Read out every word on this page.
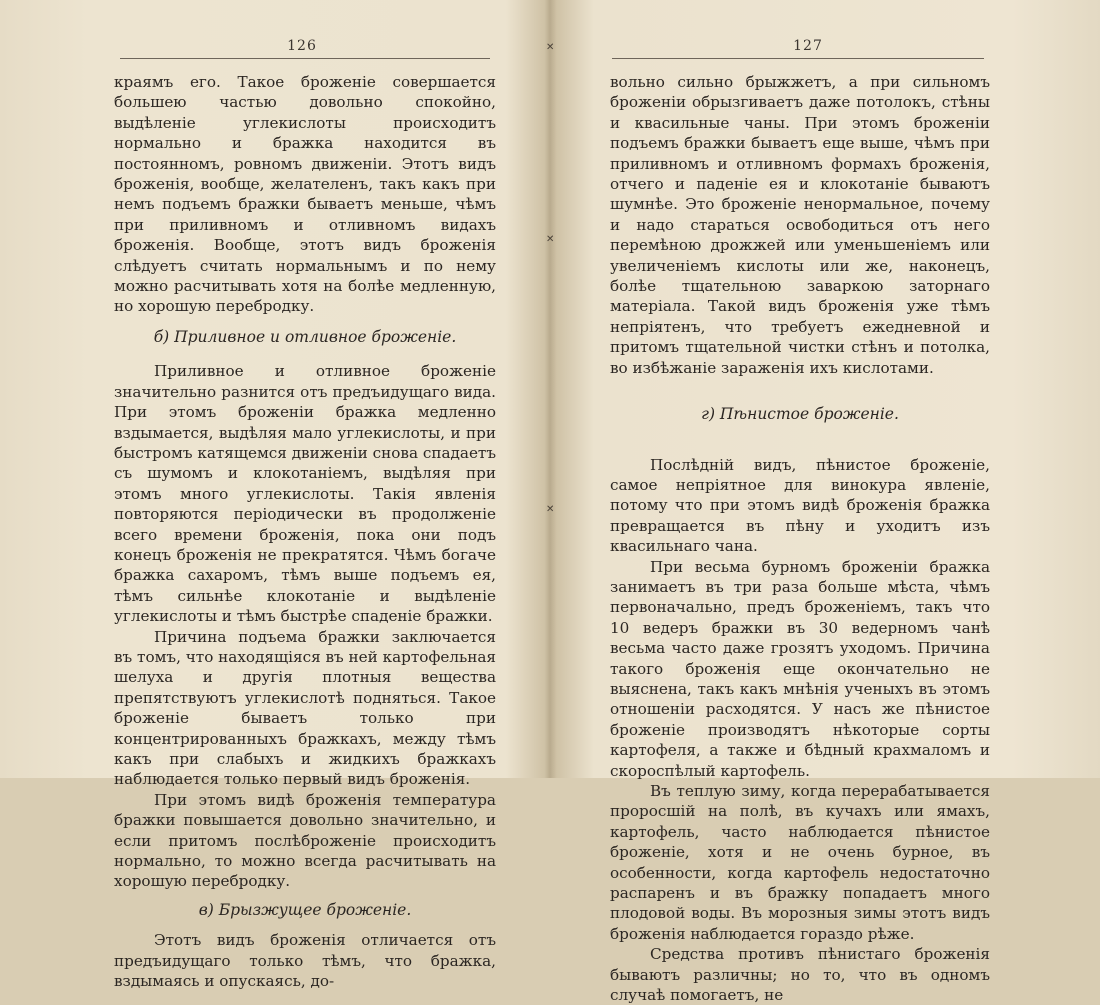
126

краямъ его. Такое броженіе совершается большею частью довольно спокойно, выдѣленіе углекислоты происходитъ нормально и бражка находится въ постоянномъ, ровномъ движеніи. Этотъ видъ броженія, вообще, желателенъ, такъ какъ при немъ подъемъ бражки бываетъ меньше, чѣмъ при приливномъ и отливномъ видахъ броженія. Вообще, этотъ видъ броженія слѣдуетъ считать нормальнымъ и по нему можно расчитывать хотя на болѣе медленную, но хорошую перебродку.

б) Приливное и отливное броженіе.

Приливное и отливное броженіе значительно разнится отъ предъидущаго вида. При этомъ броженіи бражка медленно вздымается, выдѣляя мало углекислоты, и при быстромъ катящемся движеніи снова спадаетъ съ шумомъ и клокотаніемъ, выдѣляя при этомъ много углекислоты. Такія явленія повторяются періодически въ продолженіе всего времени броженія, пока они подъ конецъ броженія не прекратятся. Чѣмъ богаче бражка сахаромъ, тѣмъ выше подъемъ ея, тѣмъ сильнѣе клокотаніе и выдѣленіе углекислоты и тѣмъ быстрѣе спаденіе бражки.

Причина подъема бражки заключается въ томъ, что находящіяся въ ней картофельная шелуха и другія плотныя вещества препятствуютъ углекислотѣ подняться. Такое броженіе бываетъ только при концентрированныхъ бражкахъ, между тѣмъ какъ при слабыхъ и жидкихъ бражкахъ наблюдается только первый видъ броженія.

При этомъ видѣ броженія температура бражки повышается довольно значительно, и если притомъ послѣброженіе происходитъ нормально, то можно всегда расчитывать на хорошую перебродку.

в) Брызжущее броженіе.

Этотъ видъ броженія отличается отъ предъидущаго только тѣмъ, что бражка, вздымаясь и опускаясь, до-

127

вольно сильно брыжжетъ, а при сильномъ броженіи обрызгиваетъ даже потолокъ, стѣны и квасильные чаны. При этомъ броженіи подъемъ бражки бываетъ еще выше, чѣмъ при приливномъ и отливномъ формахъ броженія, отчего и паденіе ея и клокотаніе бываютъ шумнѣе. Это броженіе ненормальное, почему и надо стараться освободиться отъ него перемѣною дрожжей или уменьшеніемъ или увеличеніемъ кислоты или же, наконецъ, болѣе тщательною заваркою заторнаго матеріала. Такой видъ броженія уже тѣмъ непріятенъ, что требуетъ ежедневной и притомъ тщательной чистки стѣнъ и потолка, во избѣжаніе зараженія ихъ кислотами.

г) Пѣнистое броженіе.

Послѣдній видъ, пѣнистое броженіе, самое непріятное для винокура явленіе, потому что при этомъ видѣ броженія бражка превращается въ пѣну и уходитъ изъ квасильнаго чана.

При весьма бурномъ броженіи бражка занимаетъ въ три раза больше мѣста, чѣмъ первоначально, предъ броженіемъ, такъ что 10 ведеръ бражки въ 30 ведерномъ чанѣ весьма часто даже грозятъ уходомъ. Причина такого броженія еще окончательно не выяснена, такъ какъ мнѣнія ученыхъ въ этомъ отношеніи расходятся. У насъ же пѣнистое броженіе производятъ нѣкоторые сорты картофеля, а также и бѣдный крахмаломъ и скороспѣлый картофель.

Въ теплую зиму, когда перерабатывается проросшій на полѣ, въ кучахъ или ямахъ, картофель, часто наблюдается пѣнистое броженіе, хотя и не очень бурное, въ особенности, когда картофель недостаточно распаренъ и въ бражку попадаетъ много плодовой воды. Въ морозныя зимы этотъ видъ броженія наблюдается гораздо рѣже.

Средства противъ пѣнистаго броженія бываютъ различны; но то, что въ одномъ случаѣ помогаетъ, не

✕
✕
✕
